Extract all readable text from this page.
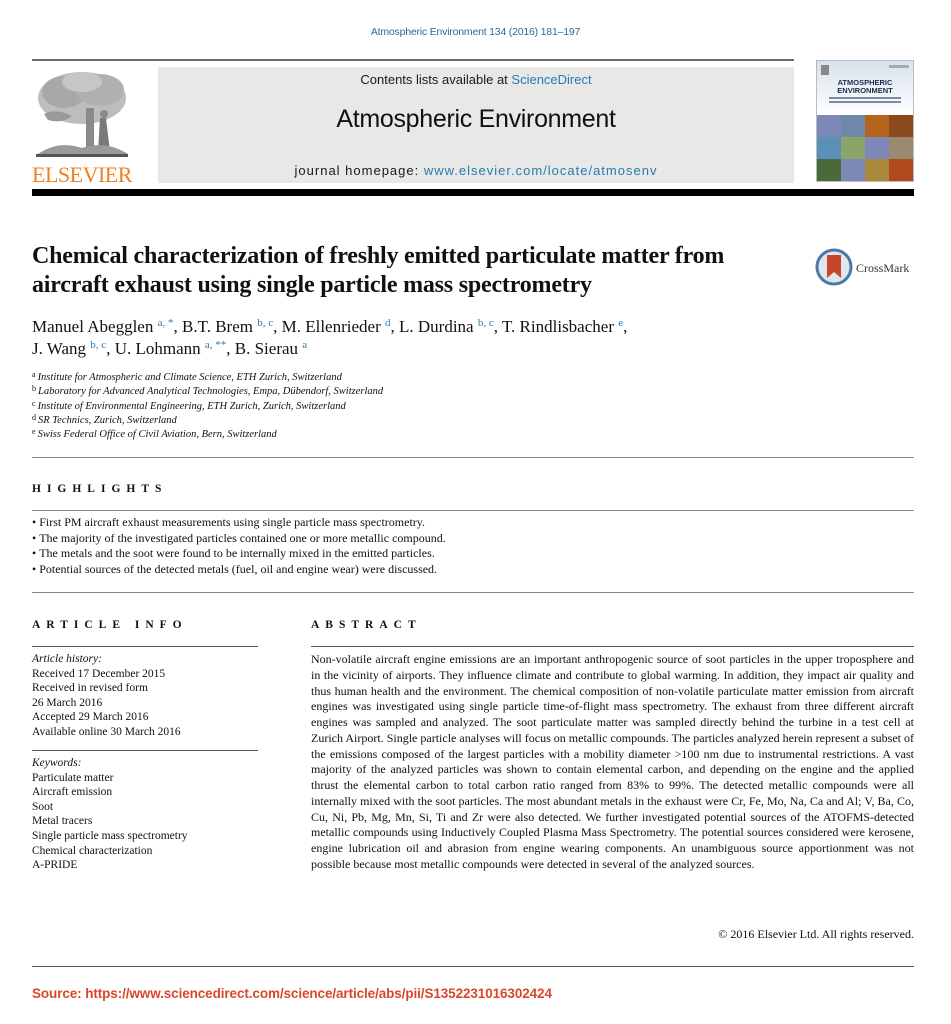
Atmospheric Environment 134 (2016) 181–197
ELSEVIER
Contents lists available at ScienceDirect
Atmospheric Environment
journal homepage: www.elsevier.com/locate/atmosenv
ATMOSPHERIC
ENVIRONMENT
Chemical characterization of freshly emitted particulate matter from aircraft exhaust using single particle mass spectrometry
CrossMark
Manuel Abegglen $^{a, *}$, B.T. Brem $^{b, c}$, M. Ellenrieder $^d$, L. Durdina $^{b, c}$, T. Rindlisbacher $^e$,
J. Wang $^{b, c}$, U. Lohmann $^{a, **}$, B. Sierau $^a$
$^a$ Institute for Atmospheric and Climate Science, ETH Zurich, Switzerland
$^b$ Laboratory for Advanced Analytical Technologies, Empa, Dübendorf, Switzerland
$^c$ Institute of Environmental Engineering, ETH Zurich, Zurich, Switzerland
$^d$ SR Technics, Zurich, Switzerland
$^e$ Swiss Federal Office of Civil Aviation, Bern, Switzerland
HIGHLIGHTS
• First PM aircraft exhaust measurements using single particle mass spectrometry.
• The majority of the investigated particles contained one or more metallic compound.
• The metals and the soot were found to be internally mixed in the emitted particles.
• Potential sources of the detected metals (fuel, oil and engine wear) were discussed.
ARTICLE INFO
Article history:
Received 17 December 2015
Received in revised form
26 March 2016
Accepted 29 March 2016
Available online 30 March 2016
Keywords:
Particulate matter
Aircraft emission
Soot
Metal tracers
Single particle mass spectrometry
Chemical characterization
A-PRIDE
ABSTRACT

Non-volatile aircraft engine emissions are an important anthropogenic source of soot particles in the upper troposphere and in the vicinity of airports. They influence climate and contribute to global warming. In addition, they impact air quality and thus human health and the environment. The chemical composition of non-volatile particulate matter emission from aircraft engines was investigated using single particle time-of-flight mass spectrometry. The exhaust from three different aircraft engines was sampled and analyzed. The soot particulate matter was sampled directly behind the turbine in a test cell at Zurich Airport. Single particle analyses will focus on metallic compounds. The particles analyzed herein represent a subset of the emissions composed of the largest particles with a mobility diameter >100 nm due to instrumental restrictions. A vast majority of the analyzed particles was shown to contain elemental carbon, and depending on the engine and the applied thrust the elemental carbon to total carbon ratio ranged from 83% to 99%. The detected metallic compounds were all internally mixed with the soot particles. The most abundant metals in the exhaust were Cr, Fe, Mo, Na, Ca and Al; V, Ba, Co, Cu, Ni, Pb, Mg, Mn, Si, Ti and Zr were also detected. We further investigated potential sources of the ATOFMS-detected metallic compounds using Inductively Coupled Plasma Mass Spectrometry. The potential sources considered were kerosene, engine lubrication oil and abrasion from engine wearing components. An unambiguous source apportionment was not possible because most metallic compounds were detected in several of the analyzed sources.

© 2016 Elsevier Ltd. All rights reserved.
Source: https://www.sciencedirect.com/science/article/abs/pii/S1352231016302424
